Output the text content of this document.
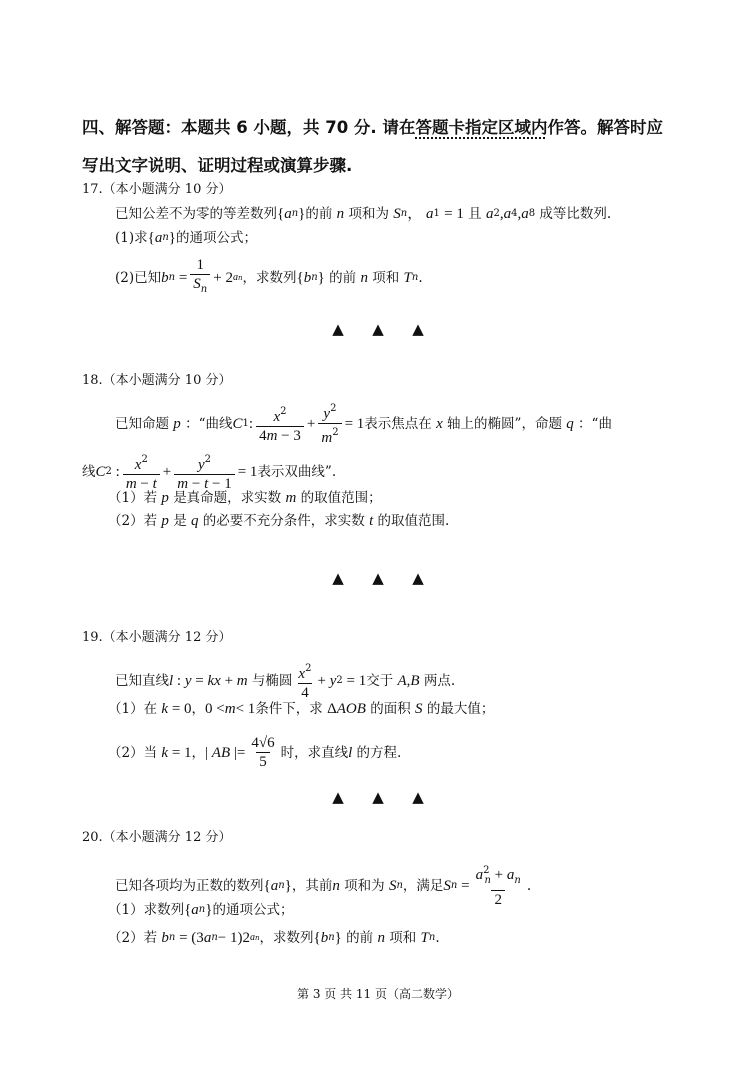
四、解答题：本题共 6 小题，共 70 分. 请在答题卡指定区域内作答。解答时应
写出文字说明、证明过程或演算步骤.
17.（本小题满分 10 分）
已知公差不为零的等差数列 { a n } 的前
n
项和为
S n ， a 1
= 1
且
a 2 , a 4 , a 8
成等比数列.
(1)求 { a n } 的通项公式；
(2)已知 b $n = \frac{1}{S_n} + 2$ an ，求数列 { b n }
的前
n
项和
T n .
▲ ▲ ▲
18.（本小题满分 10 分）
已知命题
p
：“曲线 C 1 : $\frac{x^2}{4m - 3} + \frac{y^2}{m^2} = 1$ 表示焦点在
x
轴上的椭圆”，命题
q
：“曲
线 C 2 : $\frac{x^2}{m - t} + \frac{y^2}{m - t - 1} = 1$ 表示双曲线”.
（1）若
p
是真命题，求实数
m
的取值范围；
（2）若
p
是
q
的必要不充分条件，求实数
t
的取值范围.
▲ ▲ ▲
19.（本小题满分 12 分）
已知直线 l : y = kx + m
与椭圆 $\frac{x^2}{4} + y$ 2 = 1 交于
A , B
两点.
（1）在
k = 0 ， 0 < m < 1 条件下，求
Δ AOB
的面积
S
的最大值；
（2）当
k = 1 ， | AB |= $\frac{4√6}{5}$ 时，求直线 l
的方程.
▲ ▲ ▲
20.（本小题满分 12 分）
已知各项均为正数的数列 { a n } ，其前 n
项和为
S n ，满足 S $n = \frac{a^2_n + a_n}{2}$ .
（1）求数列 { a n } 的通项公式；
（2）若
b n = (3 a n − 1)2 an ，求数列 { b n }
的前
n
项和
T n .
第 3 页 共 11 页（高二数学）
